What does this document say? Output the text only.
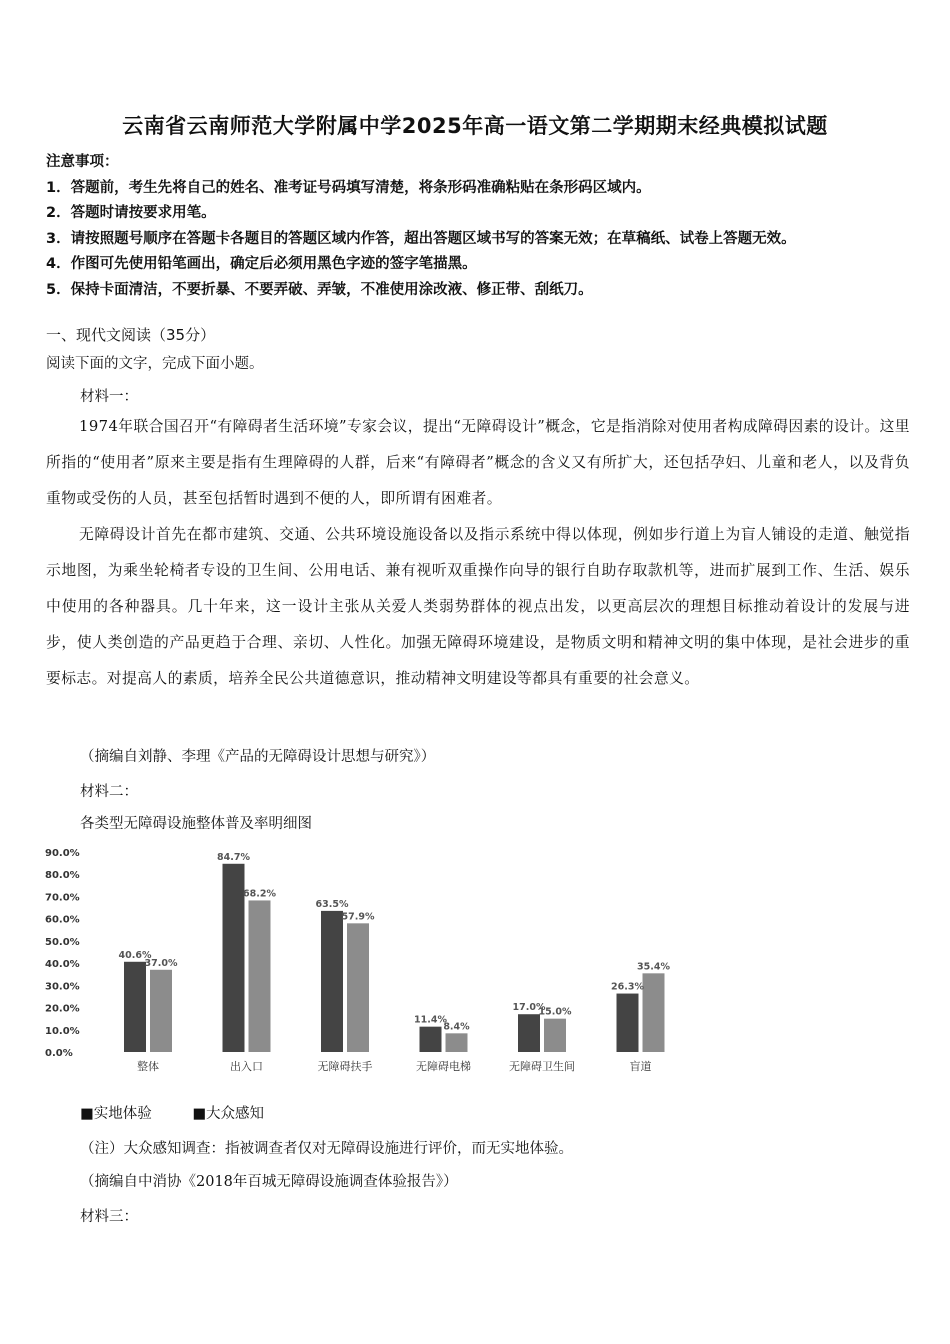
云南省云南师范大学附属中学2025年高一语文第二学期期末经典模拟试题
注意事项：
1．答题前，考生先将自己的姓名、准考证号码填写清楚，将条形码准确粘贴在条形码区域内。
2．答题时请按要求用笔。
3．请按照题号顺序在答题卡各题目的答题区域内作答，超出答题区域书写的答案无效；在草稿纸、试卷上答题无效。
4．作图可先使用铅笔画出，确定后必须用黑色字迹的签字笔描黑。
5．保持卡面清洁，不要折暴、不要弄破、弄皱，不准使用涂改液、修正带、刮纸刀。
一、现代文阅读（35分）
阅读下面的文字，完成下面小题。
材料一：
1974年联合国召开“有障碍者生活环境”专家会议，提出“无障碍设计”概念，它是指消除对使用者构成障碍因素的设计。这里所指的“使用者”原来主要是指有生理障碍的人群，后来“有障碍者”概念的含义又有所扩大，还包括孕妇、儿童和老人，以及背负重物或受伤的人员，甚至包括暂时遇到不便的人，即所谓有困难者。
无障碍设计首先在都市建筑、交通、公共环境设施设备以及指示系统中得以体现，例如步行道上为盲人铺设的走道、触觉指示地图，为乘坐轮椅者专设的卫生间、公用电话、兼有视听双重操作向导的银行自助存取款机等，进而扩展到工作、生活、娱乐中使用的各种器具。几十年来，这一设计主张从关爱人类弱势群体的视点出发，以更高层次的理想目标推动着设计的发展与进步，使人类创造的产品更趋于合理、亲切、人性化。加强无障碍环境建设，是物质文明和精神文明的集中体现，是社会进步的重要标志。对提高人的素质，培养全民公共道德意识，推动精神文明建设等都具有重要的社会意义。
（摘编自刘静、李理《产品的无障碍设计思想与研究》）
材料二：
各类型无障碍设施整体普及率明细图
90.0%
80.0%
70.0%
60.0%
50.0%
40.0%
30.0%
20.0%
10.0%
0.0%
40.6%
37.0%
84.7%
68.2%
63.5%
57.9%
11.4%
8.4%
17.0%
15.0%
26.3%
35.4%
整体	出入口	无障碍扶手	无障碍电梯	无障碍卫生间	盲道
■实地体验	■大众感知
（注）大众感知调查：指被调查者仅对无障碍设施进行评价，而无实地体验。
（摘编自中消协《2018年百城无障碍设施调查体验报告》）
材料三：
